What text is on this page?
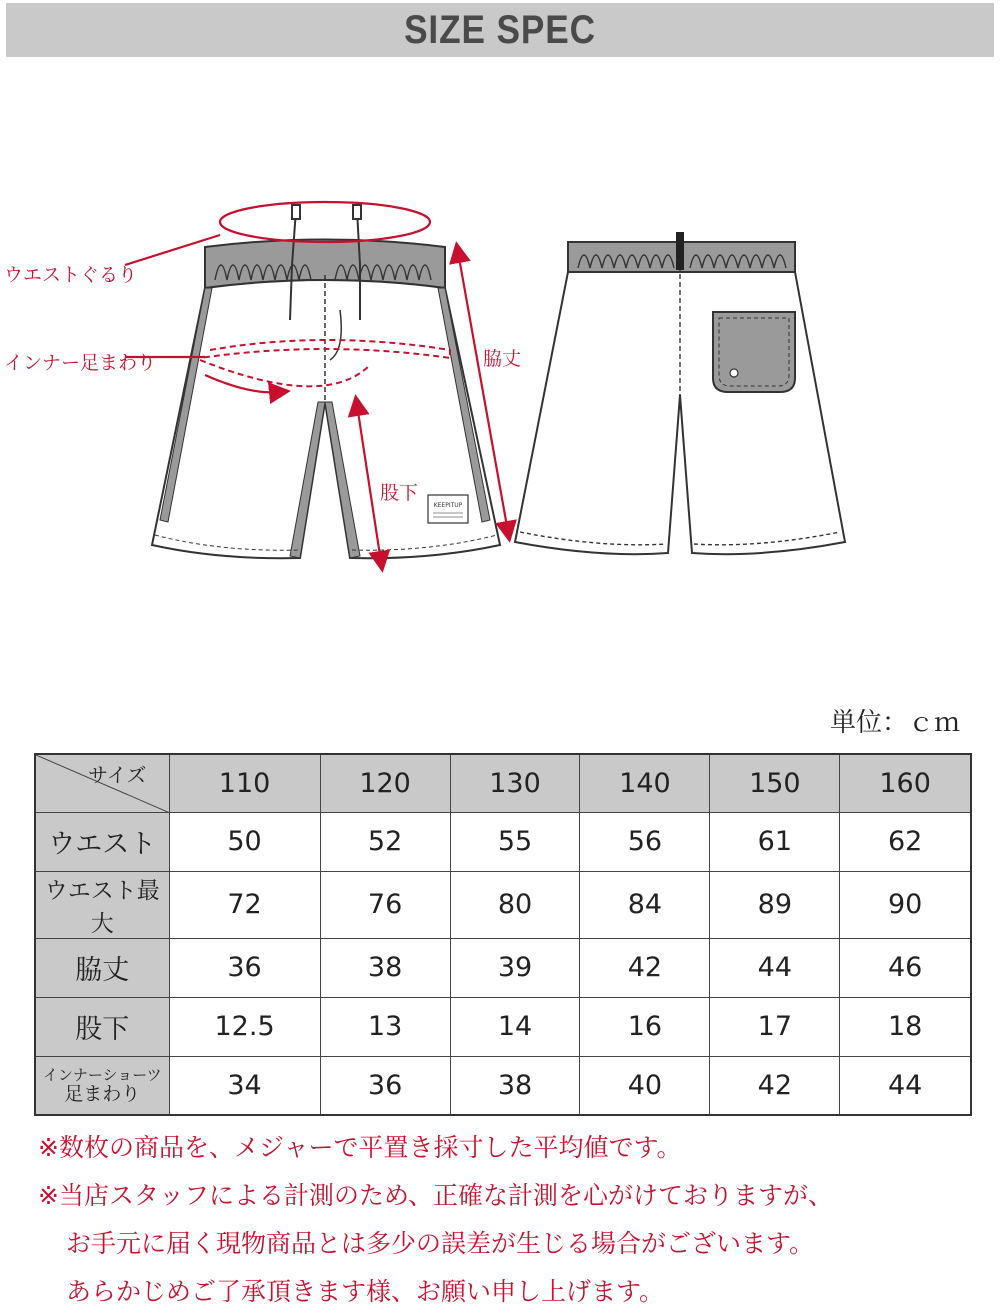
SIZE SPEC
KEEPITUP
ウエストぐるり
インナー足まわり	脇丈
股下
単位：ｃｍ
サイズ	110	120	130	140	150	160
ウエスト	50	52	55	56	61	62
ウエスト最大	72	76	80	84	89	90
脇丈	36	38	39	42	44	46
股下	12.5	13	14	16	17	18

インナーショーツ
足まわり	34	36	38	40	42	44
※数枚の商品を、メジャーで平置き採寸した平均値です。
※当店スタッフによる計測のため、正確な計測を心がけておりますが、
お手元に届く現物商品とは多少の誤差が生じる場合がございます。
あらかじめご了承頂きます様、お願い申し上げます。
